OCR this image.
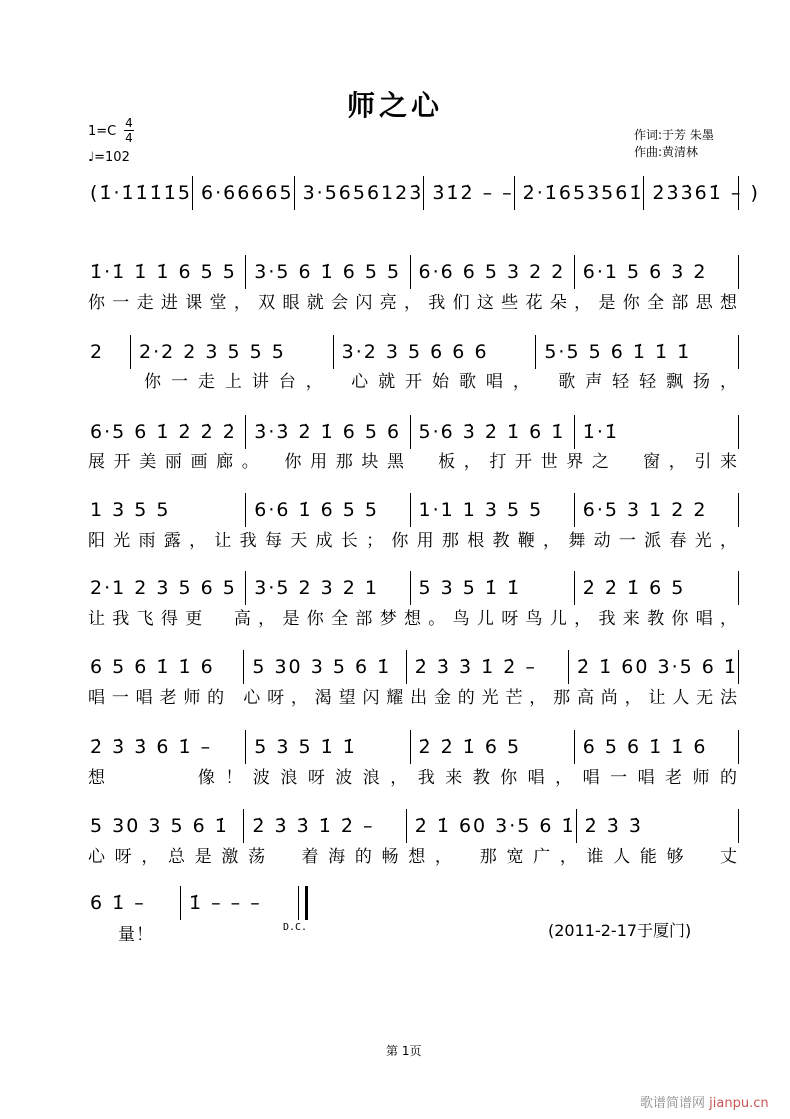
师之心
1=C
4
4
♩=102
作词:于芳 朱墨
作曲:黄清林
(1̇·1̇1̇1̇1̇5 6·66665 3·5656123̇ 3̇1̇2̇ – – 2̇·1̇653561̇ 2̇3̇3̇61̇ – )
1̇·1̇ 1̇ 1̇ 6 5 5 3·5 6 1̇ 6 5 5 6·6 6 5 3 2 2 6·1 5 6 3 2
你一走进课堂，双眼就会闪亮，我们这些花朵，是你全部思想
2	2·2 2 3 5 5 5	3·2 3 5 6 6 6	5·5 5 6 1̇ 1̇ 1̇
你一走上讲台，　心就开始歌唱，　歌声轻轻飘扬，
6·5 6 1̇ 2̇ 2̇ 2̇ 3̇·3̇ 2̇ 1̇ 6 5 6 5·6 3̇ 2̇ 1̇ 6 1̇ 1̇·1̇
展开美丽画廊。　你用那块黑　板，打开世界之　窗，引来
1 3 5 5	6·6 1̇ 6 5 5	1·1 1 3 5 5	6·5 3 1 2 2
阳光雨露，让我每天成长；你用那根教鞭，舞动一派春光，
2·1 2 3 5 6 5 3·5 2 3 2 1	5 3 5 1̇ 1̇	2̇ 2̇ 1̇ 6 5
让我飞得更　高，是你全部梦想。鸟儿呀鸟儿，我来教你唱，
6 5 6 1̇ 1̇ 6	5 30 3 5 6 1̇	2̇ 3̇ 3̇ 1̇ 2̇ –	2̇ 1̇ 60 3·5 6 1̇
唱一唱老师的 心呀，渴望闪耀出金的光芒，那高尚，让人无法
2̇ 3̇ 3̇ 6 1̇ –	5 3 5 1̇ 1̇	2̇ 2̇ 1̇ 6 5	6 5 6 1̇ 1̇ 6
想　　　像！波浪呀波浪，我来教你唱，唱一唱老师的
5 30 3 5 6 1̇	2̇ 3̇ 3̇ 1̇ 2̇ –	2̇ 1̇ 60 3·5 6 1̇ 2̇ 3̇ 3̇
心呀，总是激荡　着海的畅想，　那宽广，谁人能够　丈
6 1̇ –	1̇ – – –
量！	D.C.	(2011-2-17于厦门)
第 1页
歌谱简谱网 jianpu.cn
